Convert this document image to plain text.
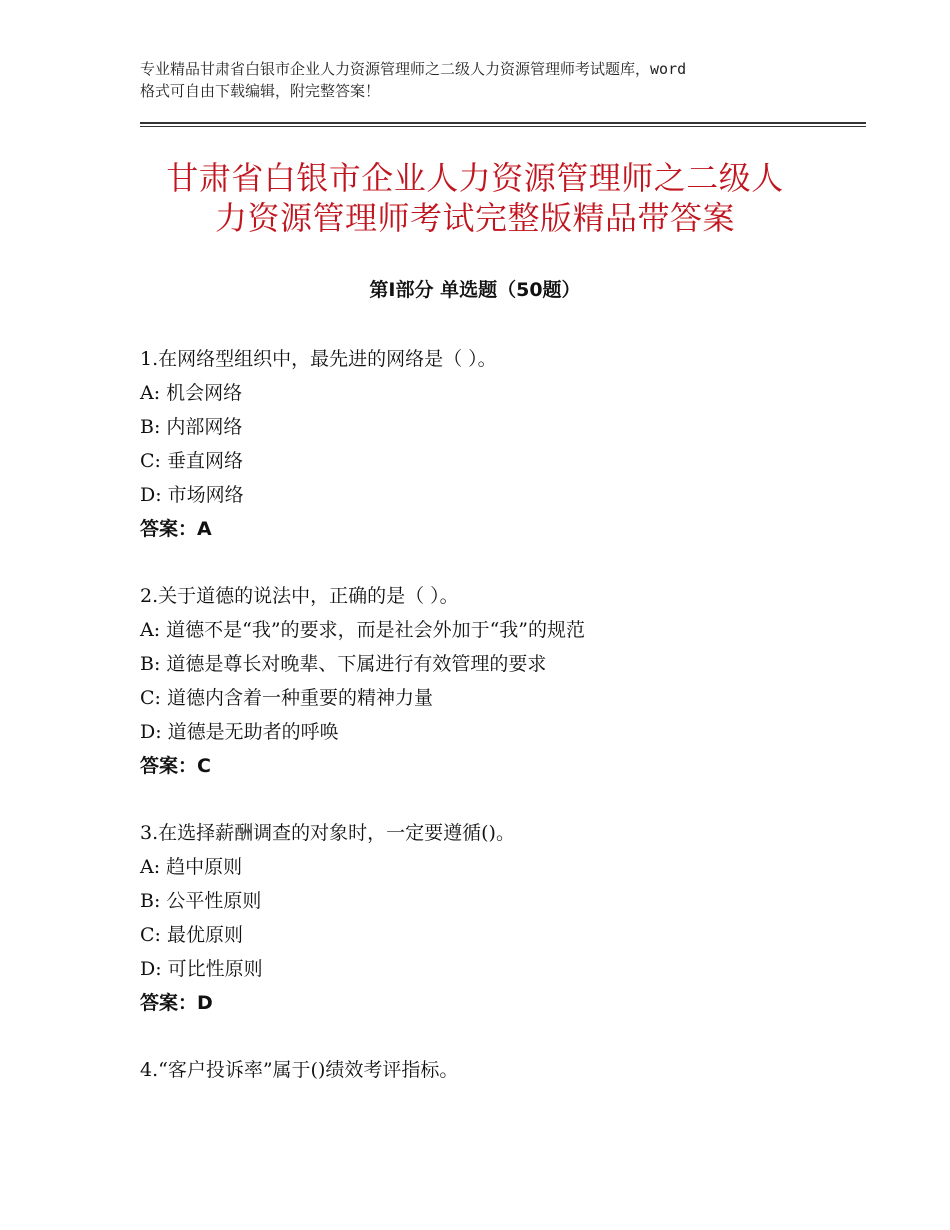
专业精品甘肃省白银市企业人力资源管理师之二级人力资源管理师考试题库，word
格式可自由下载编辑，附完整答案！
甘肃省白银市企业人力资源管理师之二级人
力资源管理师考试完整版精品带答案
第Ⅰ部分 单选题（50题）
1.在网络型组织中，最先进的网络是（ ）。
A: 机会网络
B: 内部网络
C: 垂直网络
D: 市场网络
答案：A
2.关于道德的说法中，正确的是（ ）。
A: 道德不是“我”的要求，而是社会外加于“我”的规范
B: 道德是尊长对晚辈、下属进行有效管理的要求
C: 道德内含着一种重要的精神力量
D: 道德是无助者的呼唤
答案：C
3.在选择薪酬调查的对象时，一定要遵循()。
A: 趋中原则
B: 公平性原则
C: 最优原则
D: 可比性原则
答案：D
4.“客户投诉率”属于()绩效考评指标。
